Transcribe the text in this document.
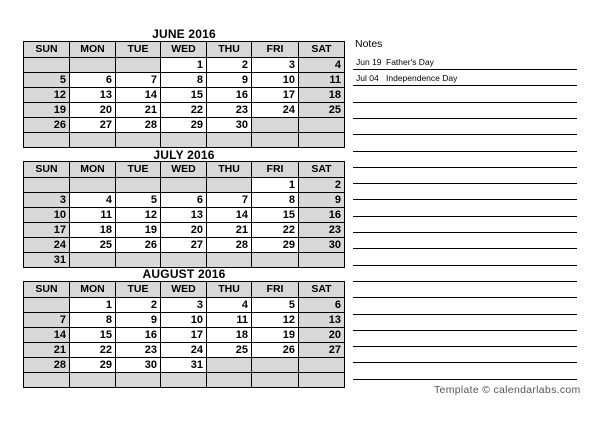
JUNE 2016
JULY 2016
AUGUST 2016
SUN	MON	TUE	WED	THU	FRI	SAT
			1	2	3	4
5	6	7	8	9	10	11
12	13	14	15	16	17	18
19	20	21	22	23	24	25
26	27	28	29	30		

SUN	MON	TUE	WED	THU	FRI	SAT
					1	2
3	4	5	6	7	8	9
10	11	12	13	14	15	16
17	18	19	20	21	22	23
24	25	26	27	28	29	30
31						
SUN	MON	TUE	WED	THU	FRI	SAT
	1	2	3	4	5	6
7	8	9	10	11	12	13
14	15	16	17	18	19	20
21	22	23	24	25	26	27
28	29	30	31			

Notes
Jun 19 Father's Day
Jul 04 Independence Day
Template © calendarlabs.com
